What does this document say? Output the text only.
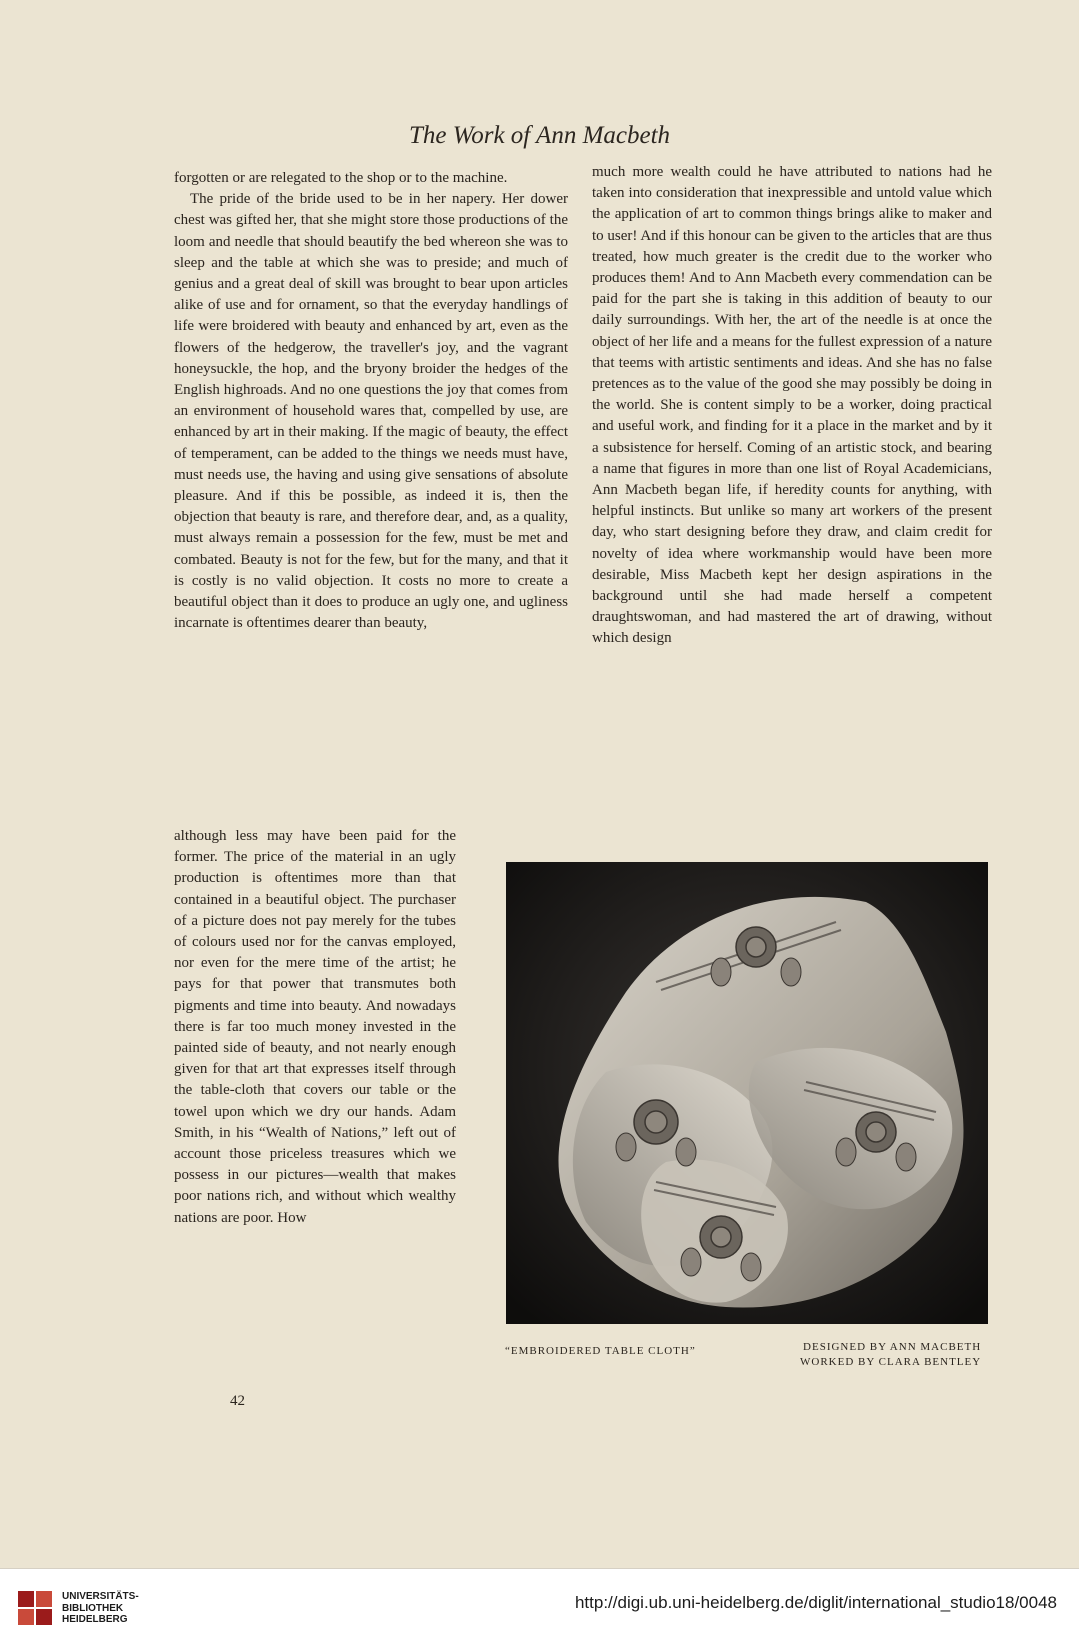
The Work of Ann Macbeth

forgotten or are relegated to the shop or to the machine.

The pride of the bride used to be in her napery. Her dower chest was gifted her, that she might store those productions of the loom and needle that should beautify the bed whereon she was to sleep and the table at which she was to preside; and much of genius and a great deal of skill was brought to bear upon articles alike of use and for ornament, so that the everyday handlings of life were broidered with beauty and enhanced by art, even as the flowers of the hedgerow, the traveller's joy, and the vagrant honeysuckle, the hop, and the bryony broider the hedges of the English highroads. And no one questions the joy that comes from an environment of household wares that, compelled by use, are enhanced by art in their making. If the magic of beauty, the effect of temperament, can be added to the things we needs must have, must needs use, the having and using give sensations of absolute pleasure. And if this be possible, as indeed it is, then the objection that beauty is rare, and therefore dear, and, as a quality, must always remain a possession for the few, must be met and combated. Beauty is not for the few, but for the many, and that it is costly is no valid objection. It costs no more to create a beautiful object than it does to produce an ugly one, and ugliness incarnate is oftentimes dearer than beauty,

much more wealth could he have attributed to nations had he taken into consideration that inexpressible and untold value which the application of art to common things brings alike to maker and to user! And if this honour can be given to the articles that are thus treated, how much greater is the credit due to the worker who produces them! And to Ann Macbeth every commendation can be paid for the part she is taking in this addition of beauty to our daily surroundings. With her, the art of the needle is at once the object of her life and a means for the fullest expression of a nature that teems with artistic sentiments and ideas. And she has no false pretences as to the value of the good she may possibly be doing in the world. She is content simply to be a worker, doing practical and useful work, and finding for it a place in the market and by it a subsistence for herself. Coming of an artistic stock, and bearing a name that figures in more than one list of Royal Academicians, Ann Macbeth began life, if heredity counts for anything, with helpful instincts. But unlike so many art workers of the present day, who start designing before they draw, and claim credit for novelty of idea where workmanship would have been more desirable, Miss Macbeth kept her design aspirations in the background until she had made herself a competent draughtswoman, and had mastered the art of drawing, without which design

although less may have been paid for the former. The price of the material in an ugly production is oftentimes more than that contained in a beautiful object. The purchaser of a picture does not pay merely for the tubes of colours used nor for the canvas employed, nor even for the mere time of the artist; he pays for that power that transmutes both pigments and time into beauty. And nowadays there is far too much money invested in the painted side of beauty, and not nearly enough given for that art that expresses itself through the table-cloth that covers our table or the towel upon which we dry our hands. Adam Smith, in his “Wealth of Nations,” left out of account those priceless treasures which we possess in our pictures—wealth that makes poor nations rich, and without which wealthy nations are poor. How

“EMBROIDERED TABLE CLOTH”	DESIGNED BY ANN MACBETH
WORKED BY CLARA BENTLEY
42
UNIVERSITÄTS-
BIBLIOTHEK
HEIDELBERG
http://digi.ub.uni-heidelberg.de/diglit/international_studio18/0048
